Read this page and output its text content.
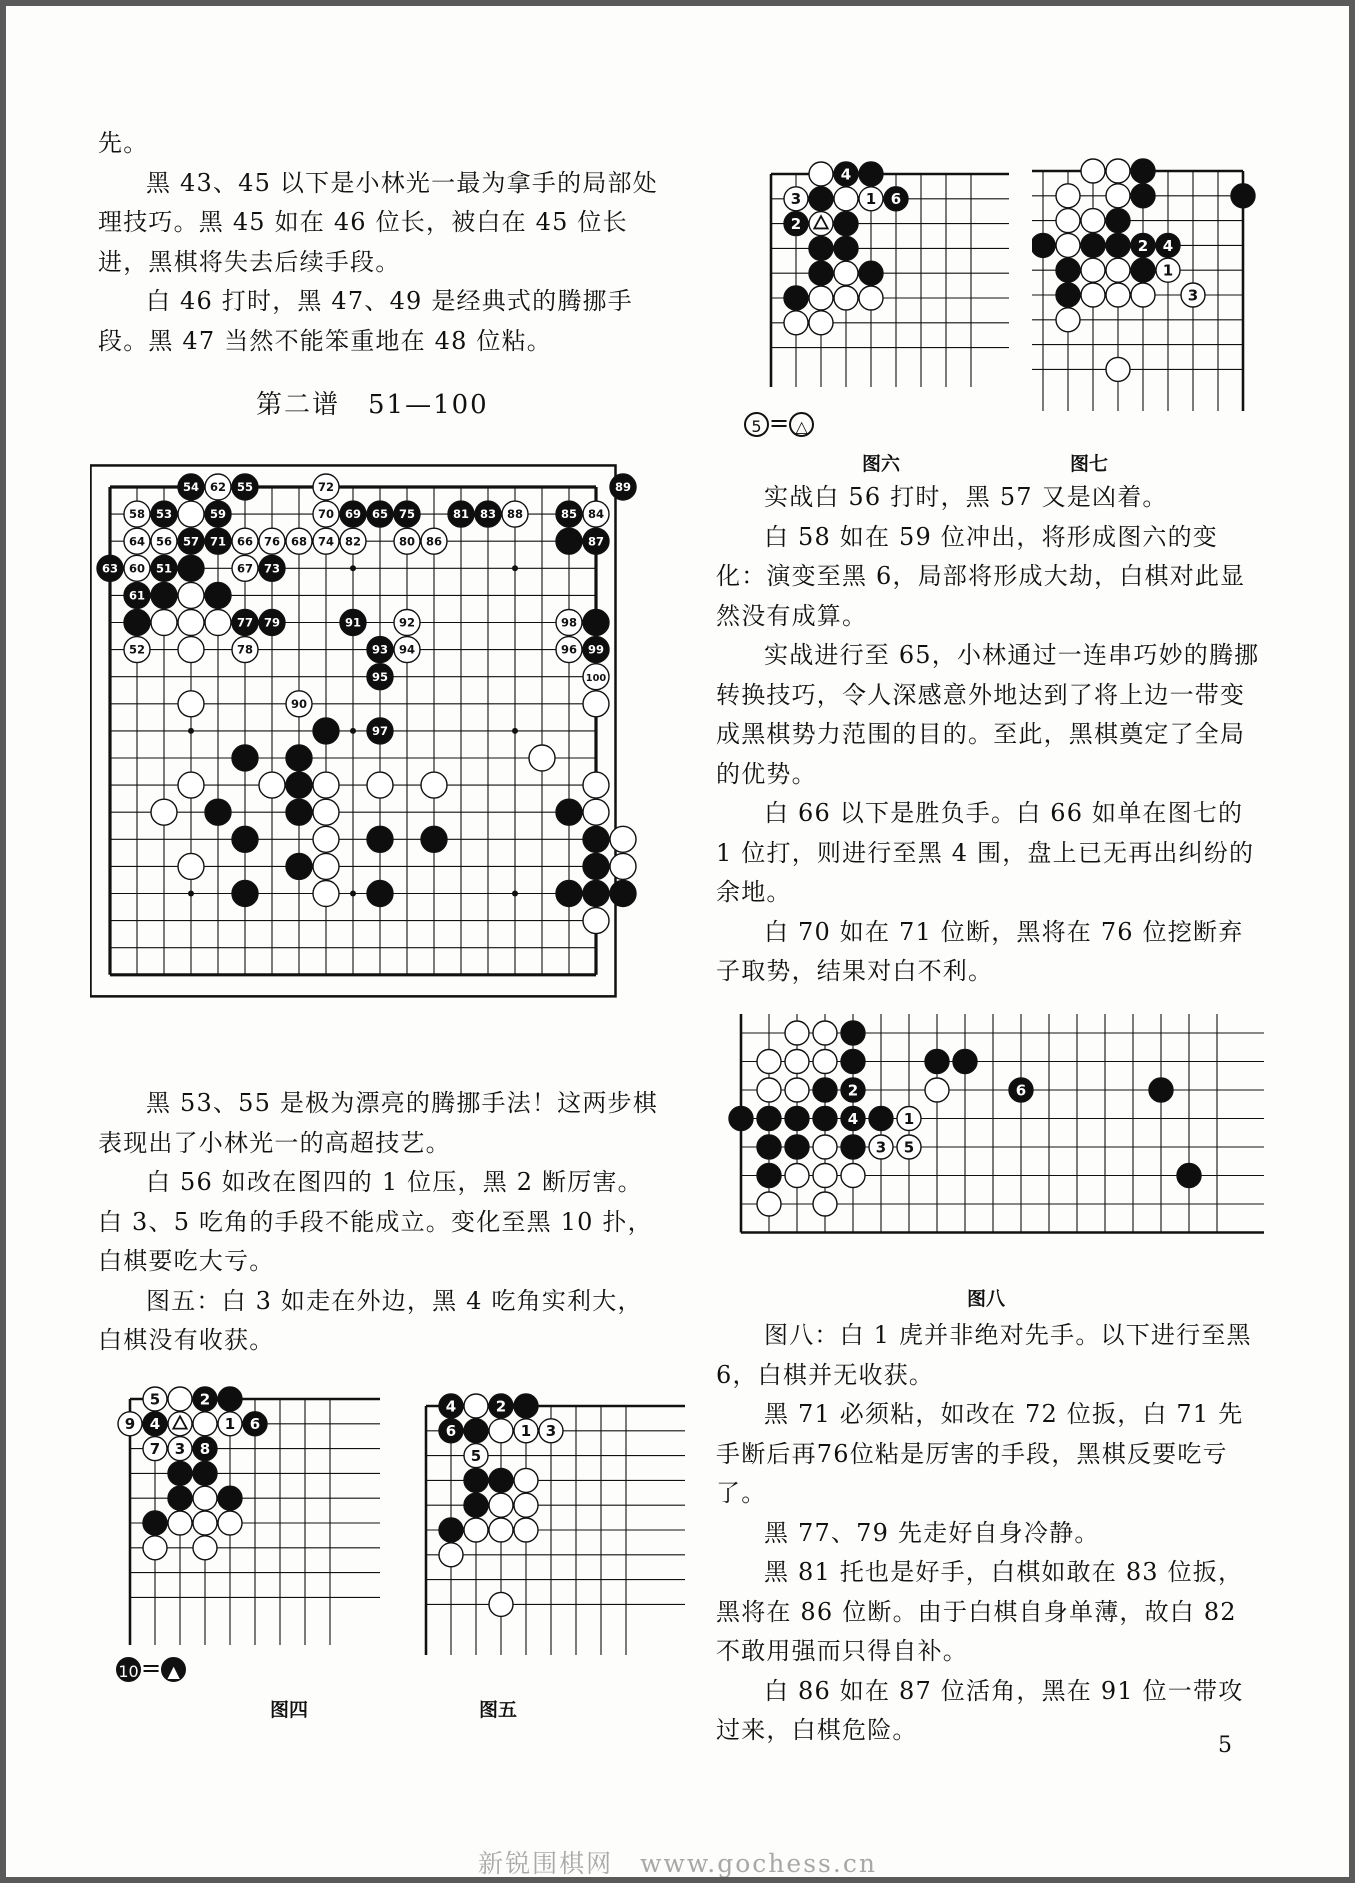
先。

黑 43、45 以下是小林光一最为拿手的局部处理技巧。黑 45 如在 46 位长，被白在 45 位长进，黑棋将失去后续手段。

白 46 打时，黑 47、49 是经典式的腾挪手段。黑 47 当然不能笨重地在 48 位粘。

第二谱　51—100
54 62 55	72	89
58 53	59	70 69 65 75	81 83 88	85 84
64 56 57 71 66 76 68 74 82	80 86	87
63 60 51	67 73
61
77 79	91	92	98
52	78	93 94	96 99
95	100
90
97

黑 53、55 是极为漂亮的腾挪手法！这两步棋表现出了小林光一的高超技艺。

白 56 如改在图四的 1 位压，黑 2 断厉害。白 3、5 吃角的手段不能成立。变化至黑 10 扑，白棋要吃大亏。

图五：白 3 如走在外边，黑 4 吃角实利大，白棋没有收获。

5	2
9 4	1 6
7 3 8
10= ▲
图四
4	2
6	1 3
5
图五
4
3	1 6
2
5 = △
图六
2 4
1
3
图七

实战白 56 打时，黑 57 又是凶着。

白 58 如在 59 位冲出，将形成图六的变化：演变至黑 6，局部将形成大劫，白棋对此显然没有成算。

实战进行至 65，小林通过一连串巧妙的腾挪转换技巧，令人深感意外地达到了将上边一带变成黑棋势力范围的目的。至此，黑棋奠定了全局的优势。

白 66 以下是胜负手。白 66 如单在图七的 1 位打，则进行至黑 4 围，盘上已无再出纠纷的余地。

白 70 如在 71 位断，黑将在 76 位挖断弃子取势，结果对白不利。

2	6
4	1
3 5
图八

图八：白 1 虎并非绝对先手。以下进行至黑 6，白棋并无收获。

黑 71 必须粘，如改在 72 位扳，白 71 先手断后再76位粘是厉害的手段，黑棋反要吃亏了。

黑 77、79 先走好自身冷静。

黑 81 托也是好手，白棋如敢在 83 位扳，黑将在 86 位断。由于白棋自身单薄，故白 82 不敢用强而只得自补。

白 86 如在 87 位活角，黑在 91 位一带攻过来，白棋危险。

5
新锐围棋网　www.gochess.cn
